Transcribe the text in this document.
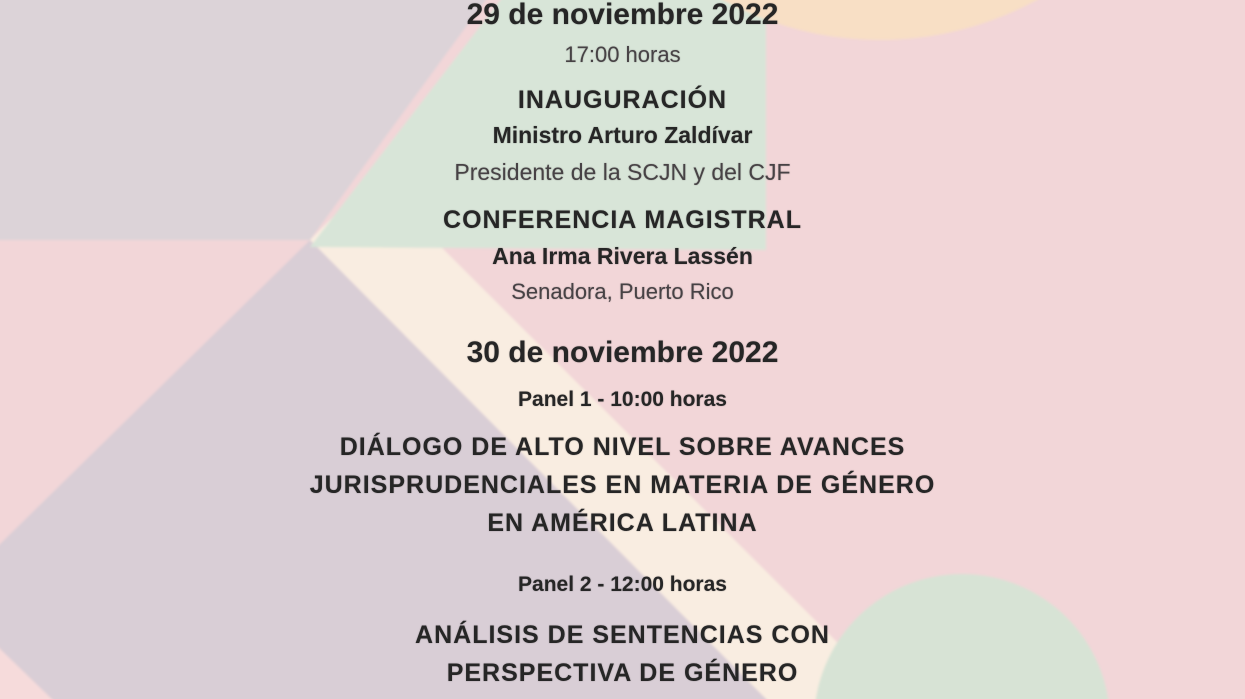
29 de noviembre 2022
17:00 horas
INAUGURACIÓN
Ministro Arturo Zaldívar
Presidente de la SCJN y del CJF
CONFERENCIA MAGISTRAL
Ana Irma Rivera Lassén
Senadora, Puerto Rico
30 de noviembre 2022
Panel 1 - 10:00 horas
DIÁLOGO DE ALTO NIVEL SOBRE AVANCES
JURISPRUDENCIALES EN MATERIA DE GÉNERO
EN AMÉRICA LATINA
Panel 2 - 12:00 horas
ANÁLISIS DE SENTENCIAS CON
PERSPECTIVA DE GÉNERO
